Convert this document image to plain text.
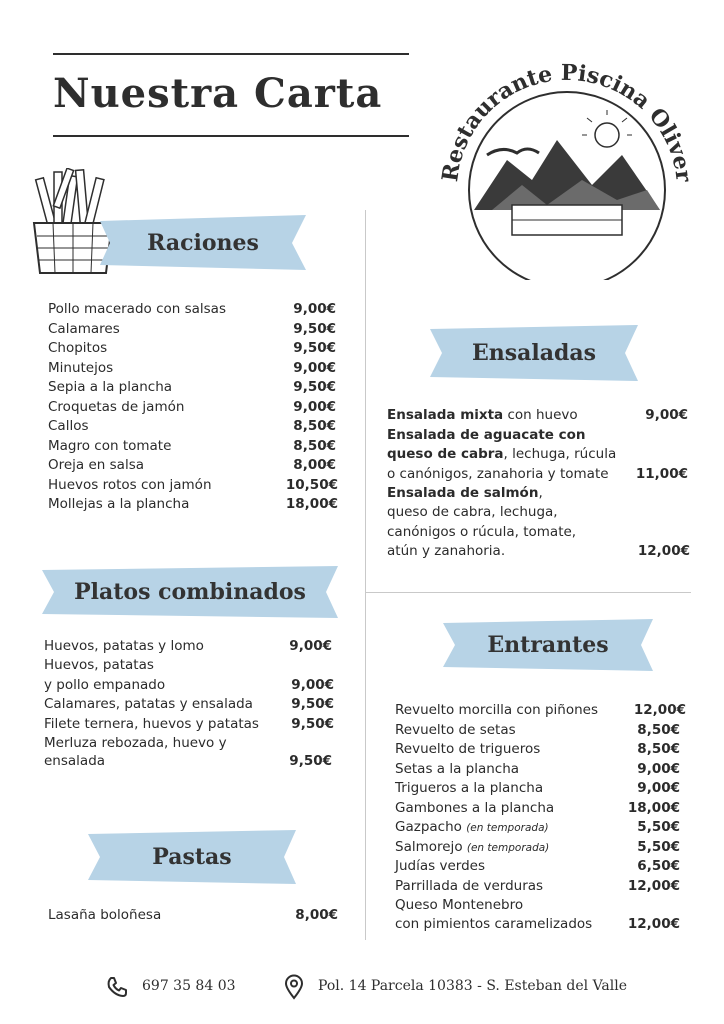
Nuestra Carta
Restaurante Piscina Oliver
Raciones
Ensaladas
Platos combinados
Entrantes
Pastas
Pollo macerado con salsas	9,00€
Calamares	9,50€
Chopitos	9,50€
Minutejos	9,00€
Sepia a la plancha	9,50€
Croquetas de jamón	9,00€
Callos	8,50€
Magro con tomate	8,50€
Oreja en salsa	8,00€
Huevos rotos con jamón	10,50€
Mollejas a la plancha	18,00€
Huevos, patatas y lomo	9,00€
Huevos, patatas
y pollo empanado	9,00€
Calamares, patatas y ensalada	9,50€
Filete ternera, huevos y patatas 9,50€
Merluza rebozada, huevo y
ensalada	9,50€
Lasaña boloñesa	8,00€
Ensalada mixta con huevo	9,00€
Ensalada de aguacate con
queso de cabra, lechuga, rúcula
o canónigos, zanahoria y tomate 11,00€
Ensalada de salmón,
queso de cabra, lechuga,
canónigos o rúcula, tomate,
atún y zanahoria.	12,00€
Revuelto morcilla con piñones	12,00€
Revuelto de setas	8,50€
Revuelto de trigueros	8,50€
Setas a la plancha	9,00€
Trigueros a la plancha	9,00€
Gambones a la plancha	18,00€
Gazpacho (en temporada)	5,50€
Salmorejo (en temporada)	5,50€
Judías verdes	6,50€
Parrillada de verduras	12,00€
Queso Montenebro
con pimientos caramelizados	12,00€
697 35 84 03	Pol. 14 Parcela 10383 - S. Esteban del Valle
